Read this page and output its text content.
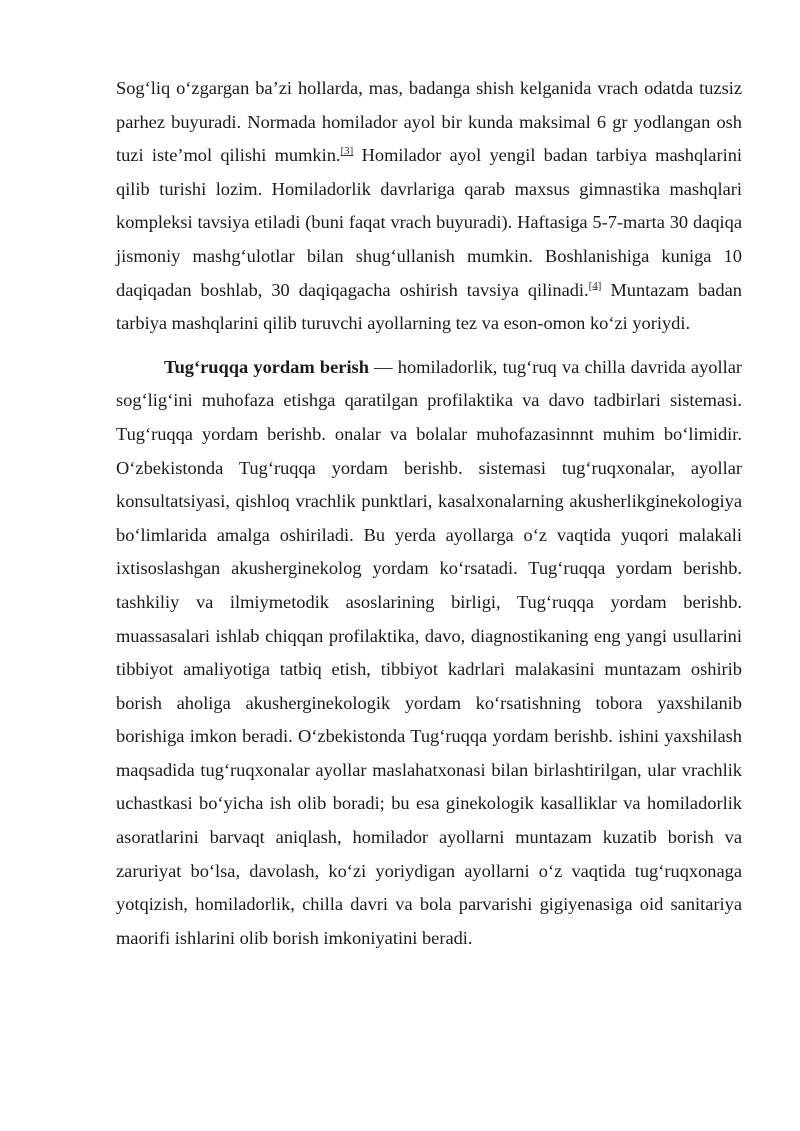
Sog‘liq o‘zgargan ba’zi hollarda, mas, badanga shish kelganida vrach odatda tuzsiz parhez buyuradi. Normada homilador ayol bir kunda maksimal 6 gr yodlangan osh tuzi iste’mol qilishi mumkin.[3] Homilador ayol yengil badan tarbiya mashqlarini qilib turishi lozim. Homiladorlik davrlariga qarab maxsus gimnastika mashqlari kompleksi tavsiya etiladi (buni faqat vrach buyuradi). Haftasiga 5-7-marta 30 daqiqa jismoniy mashg‘ulotlar bilan shug‘ullanish mumkin. Boshlanishiga kuniga 10 daqiqadan boshlab, 30 daqiqagacha oshirish tavsiya qilinadi.[4] Muntazam badan tarbiya mashqlarini qilib turuvchi ayollarning tez va eson-omon ko‘zi yoriydi.

Tug‘ruqqa yordam berish — homiladorlik, tug‘ruq va chilla davrida ayollar sog‘lig‘ini muhofaza etishga qaratilgan profilaktika va davo tadbirlari sistemasi. Tug‘ruqqa yordam berishb. onalar va bolalar muhofazasinnnt muhim bo‘limidir. O‘zbekistonda Tug‘ruqqa yordam berishb. sistemasi tug‘ruqxonalar, ayollar konsultatsiyasi, qishloq vrachlik punktlari, kasalxonalarning akusherlikginekologiya bo‘limlarida amalga oshiriladi. Bu yerda ayollarga o‘z vaqtida yuqori malakali ixtisoslashgan akusherginekolog yordam ko‘rsatadi. Tug‘ruqqa yordam berishb. tashkiliy va ilmiymetodik asoslarining birligi, Tug‘ruqqa yordam berishb. muassasalari ishlab chiqqan profilaktika, davo, diagnostikaning eng yangi usullarini tibbiyot amaliyotiga tatbiq etish, tibbiyot kadrlari malakasini muntazam oshirib borish aholiga akusherginekologik yordam ko‘rsatishning tobora yaxshilanib borishiga imkon beradi. O‘zbekistonda Tug‘ruqqa yordam berishb. ishini yaxshilash maqsadida tug‘ruqxonalar ayollar maslahatxonasi bilan birlashtirilgan, ular vrachlik uchastkasi bo‘yicha ish olib boradi; bu esa ginekologik kasalliklar va homiladorlik asoratlarini barvaqt aniqlash, homilador ayollarni muntazam kuzatib borish va zaruriyat bo‘lsa, davolash, ko‘zi yoriydigan ayollarni o‘z vaqtida tug‘ruqxonaga yotqizish, homiladorlik, chilla davri va bola parvarishi gigiyenasiga oid sanitariya maorifi ishlarini olib borish imkoniyatini beradi.
